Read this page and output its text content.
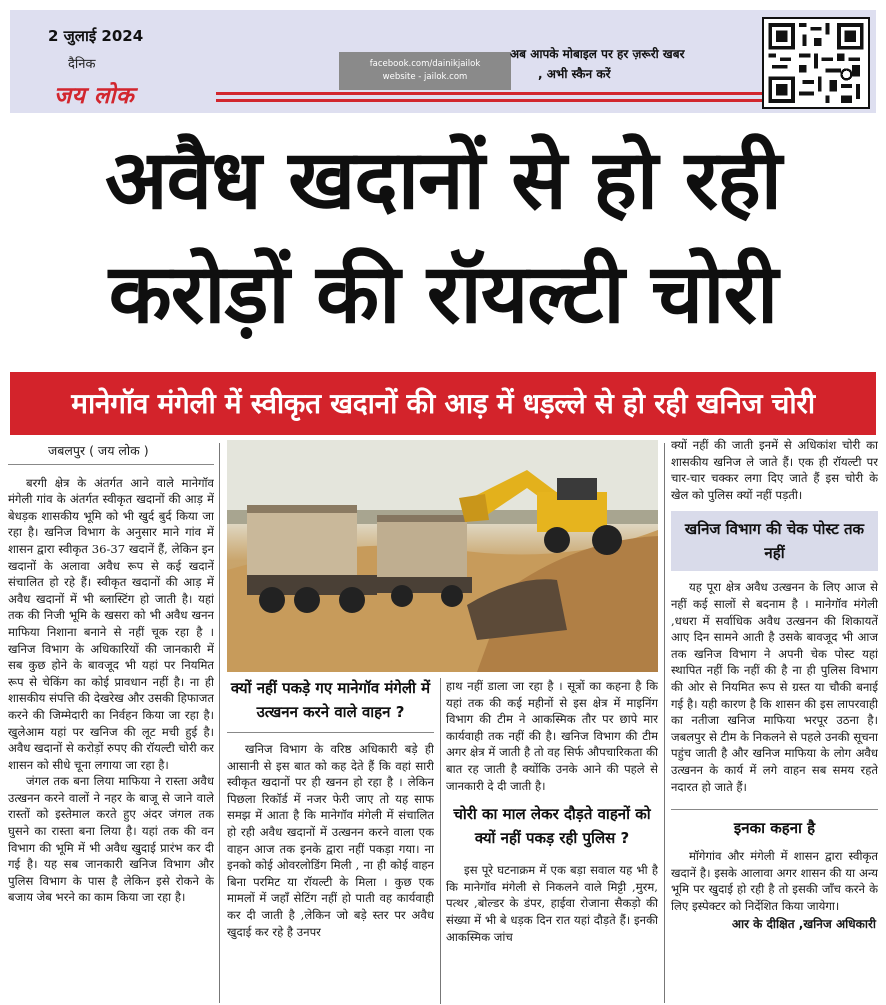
2 जुलाई 2024
दैनिक
जय लोक
facebook.com/dainikjailok
website - jailok.com
अब आपके मोबाइल पर हर ज़रूरी खबर
, अभी स्कैन करें
अवैध खदानों से हो रही
करोड़ों की रॉयल्टी चोरी
मानेगॉव मंगेली में स्वीकृत खदानों की आड़ में धड़ल्ले से हो रही खनिज चोरी
जबलपुर ( जय लोक )

बरगी क्षेत्र के अंतर्गत आने वाले मानेगॉव मंगेली गांव के अंतर्गत स्वीकृत खदानों की आड़ में बेधड़क शासकीय भूमि को भी खुर्द बुर्द किया जा रहा है। खनिज विभाग के अनुसार माने गांव में शासन द्वारा स्वीकृत 36-37 खदानें हैं, लेकिन इन खदानों के अलावा अवैध रूप से कई खदानें संचालित हो रहे हैं। स्वीकृत खदानों की आड़ में अवैध खदानों में भी ब्लास्टिंग हो जाती है। यहां तक की निजी भूमि के खसरा को भी अवैध खनन माफिया निशाना बनाने से नहीं चूक रहा है । खनिज विभाग के अधिकारियों की जानकारी में सब कुछ होने के बावजूद भी यहां पर नियमित रूप से चेकिंग का कोई प्रावधान नहीं है। ना ही शासकीय संपत्ति की देखरेख और उसकी हिफाजत करने की जिम्मेदारी का निर्वहन किया जा रहा है। खुलेआम यहां पर खनिज की लूट मची हुई है। अवैध खदानों से करोड़ों रुपए की रॉयल्टी चोरी कर शासन को सीधे चूना लगाया जा रहा है।

जंगल तक बना लिया माफिया ने रास्ता अवैध उत्खनन करने वालों ने नहर के बाजू से जाने वाले रास्तों को इस्तेमाल करते हुए अंदर जंगल तक घुसने का रास्ता बना लिया है। यहां तक की वन विभाग की भूमि में भी अवैध खुदाई प्रारंभ कर दी गई है। यह सब जानकारी खनिज विभाग और पुलिस विभाग के पास है लेकिन इसे रोकने के बजाय जेब भरने का काम किया जा रहा है।

क्यों नहीं पकड़े गए मानेगॉव मंगेली में उत्खनन करने वाले वाहन ?

खनिज विभाग के वरिष्ठ अधिकारी बड़े ही आसानी से इस बात को कह देते हैं कि वहां सारी स्वीकृत खदानों पर ही खनन हो रहा है । लेकिन पिछला रिकॉर्ड में नजर फेरी जाए तो यह साफ समझ में आता है कि मानेगॉव मंगेली में संचालित हो रही अवैध खदानों में उत्खनन करने वाला एक वाहन आज तक इनके द्वारा नहीं पकड़ा गया। ना इनको कोई ओवरलोडिंग मिली , ना ही कोई वाहन बिना परमिट या रॉयल्टी के मिला । कुछ एक मामलों में जहाँ सेटिंग नहीं हो पाती वह कार्यवाही कर दी जाती है ,लेकिन जो बड़े स्तर पर अवैध खुदाई कर रहे है उनपर

हाथ नहीं डाला जा रहा है । सूत्रों का कहना है कि यहां तक की कई महीनों से इस क्षेत्र में माइनिंग विभाग की टीम ने आकस्मिक तौर पर छापे मार कार्यवाही तक नहीं की है। खनिज विभाग की टीम अगर क्षेत्र में जाती है तो वह सिर्फ औपचारिकता की बात रह जाती है क्योंकि उनके आने की पहले से जानकारी दे दी जाती है।

चोरी का माल लेकर दौड़ते वाहनों को क्यों नहीं पकड़ रही पुलिस ?

इस पूरे घटनाक्रम में एक बड़ा सवाल यह भी है कि मानेगॉव मंगेली से निकलने वाले मिट्टी ,मुरम, पत्थर ,बोल्डर के डंपर, हाईवा रोजाना सैकड़ो की संख्या में भी बे धड़क दिन रात यहां दौड़ते हैं। इनकी आकस्मिक जांच

क्यों नहीं की जाती इनमें से अधिकांश चोरी का शासकीय खनिज ले जाते हैं। एक ही रॉयल्टी पर चार-चार चक्कर लगा दिए जाते हैं इस चोरी के खेल को पुलिस क्यों नहीं पड़ती।

खनिज विभाग की चेक पोस्ट तक नहीं

यह पूरा क्षेत्र अवैध उत्खनन के लिए आज से नहीं कई सालों से बदनाम है । मानेगॉव मंगेली ,धधरा में सर्वाधिक अवैध उत्खनन की शिकायतें आए दिन सामने आती है उसके बावजूद भी आज तक खनिज विभाग ने अपनी चेक पोस्ट यहां स्थापित नहीं कि नहीं की है ना ही पुलिस विभाग की ओर से नियमित रूप से ग्रस्त या चौकी बनाई गई है। यही कारण है कि शासन की इस लापरवाही का नतीजा खनिज माफिया भरपूर उठना है। जबलपुर से टीम के निकलने से पहले उनकी सूचना पहुंच जाती है और खनिज माफिया के लोग अवैध उत्खनन के कार्य में लगे वाहन सब समय रहते नदारत हो जाते हैं।

इनका कहना है

मॉगेगांव और मंगेली में शासन द्वारा स्वीकृत खदानें है। इसके आलावा अगर शासन की या अन्य भूमि पर खुदाई हो रही है तो इसकी जाँच करने के लिए इस्पेक्टर को निर्देशित किया जायेगा।

आर के दीक्षित ,खनिज अधिकारी
